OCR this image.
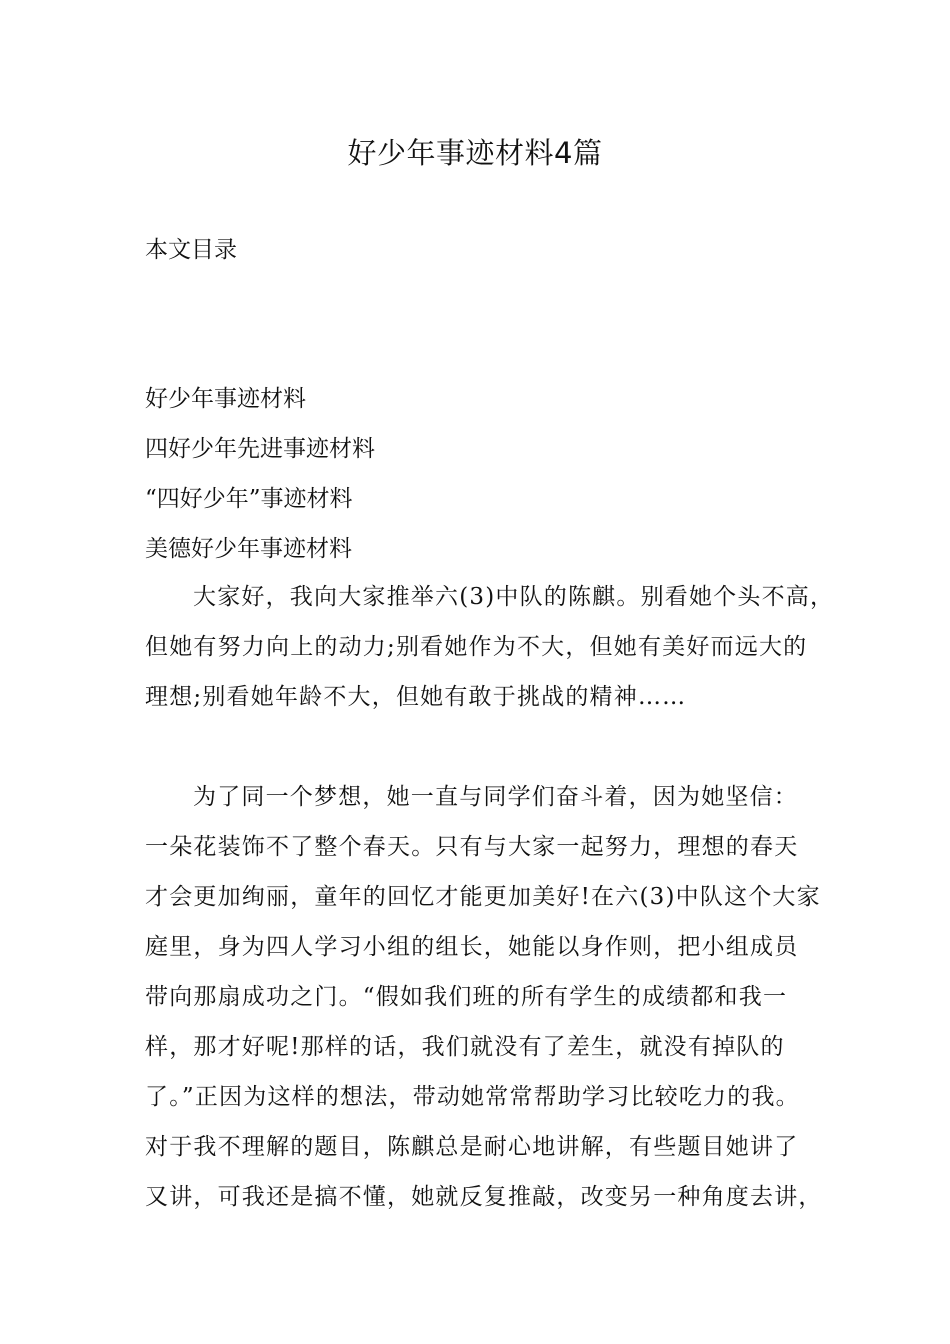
好少年事迹材料4篇
本文目录
好少年事迹材料
四好少年先进事迹材料
“四好少年”事迹材料
美德好少年事迹材料
大家好，我向大家推举六(3)中队的陈麒。别看她个头不高，
但她有努力向上的动力;别看她作为不大，但她有美好而远大的
理想;别看她年龄不大，但她有敢于挑战的精神……
为了同一个梦想，她一直与同学们奋斗着，因为她坚信：
一朵花装饰不了整个春天。只有与大家一起努力，理想的春天
才会更加绚丽，童年的回忆才能更加美好!在六(3)中队这个大家
庭里，身为四人学习小组的组长，她能以身作则，把小组成员
带向那扇成功之门。“假如我们班的所有学生的成绩都和我一
样，那才好呢!那样的话，我们就没有了差生，就没有掉队的
了。”正因为这样的想法，带动她常常帮助学习比较吃力的我。
对于我不理解的题目，陈麒总是耐心地讲解，有些题目她讲了
又讲，可我还是搞不懂，她就反复推敲，改变另一种角度去讲，
